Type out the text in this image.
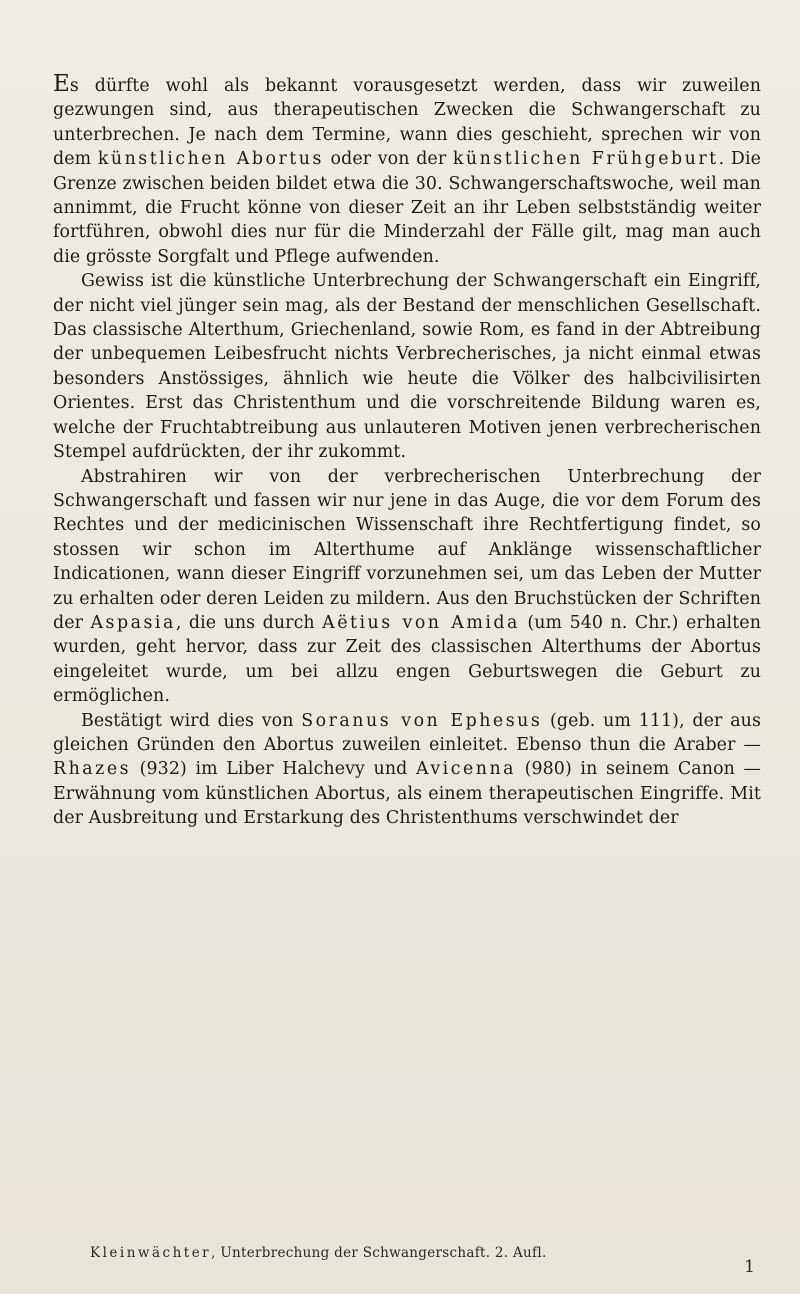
Es dürfte wohl als bekannt vorausgesetzt werden, dass wir zuweilen gezwungen sind, aus therapeutischen Zwecken die Schwangerschaft zu unterbrechen. Je nach dem Termine, wann dies geschieht, sprechen wir von dem künstlichen Abortus oder von der künstlichen Frühgeburt. Die Grenze zwischen beiden bildet etwa die 30. Schwangerschaftswoche, weil man annimmt, die Frucht könne von dieser Zeit an ihr Leben selbstständig weiter fortführen, obwohl dies nur für die Minderzahl der Fälle gilt, mag man auch die grösste Sorgfalt und Pflege aufwenden.

Gewiss ist die künstliche Unterbrechung der Schwangerschaft ein Eingriff, der nicht viel jünger sein mag, als der Bestand der menschlichen Gesellschaft. Das classische Alterthum, Griechenland, sowie Rom, es fand in der Abtreibung der unbequemen Leibesfrucht nichts Verbrecherisches, ja nicht einmal etwas besonders Anstössiges, ähnlich wie heute die Völker des halbcivilisirten Orientes. Erst das Christenthum und die vorschreitende Bildung waren es, welche der Fruchtabtreibung aus unlauteren Motiven jenen verbrecherischen Stempel aufdrückten, der ihr zukommt.

Abstrahiren wir von der verbrecherischen Unterbrechung der Schwangerschaft und fassen wir nur jene in das Auge, die vor dem Forum des Rechtes und der medicinischen Wissenschaft ihre Rechtfertigung findet, so stossen wir schon im Alterthume auf Anklänge wissenschaftlicher Indicationen, wann dieser Eingriff vorzunehmen sei, um das Leben der Mutter zu erhalten oder deren Leiden zu mildern. Aus den Bruchstücken der Schriften der Aspasia, die uns durch Aëtius von Amida (um 540 n. Chr.) erhalten wurden, geht hervor, dass zur Zeit des classischen Alterthums der Abortus eingeleitet wurde, um bei allzu engen Geburtswegen die Geburt zu ermöglichen.

Bestätigt wird dies von Soranus von Ephesus (geb. um 111), der aus gleichen Gründen den Abortus zuweilen einleitet. Ebenso thun die Araber — Rhazes (932) im Liber Halchevy und Avicenna (980) in seinem Canon — Erwähnung vom künstlichen Abortus, als einem therapeutischen Eingriffe. Mit der Ausbreitung und Erstarkung des Christenthums verschwindet der

Kleinwächter, Unterbrechung der Schwangerschaft. 2. Aufl.
1
